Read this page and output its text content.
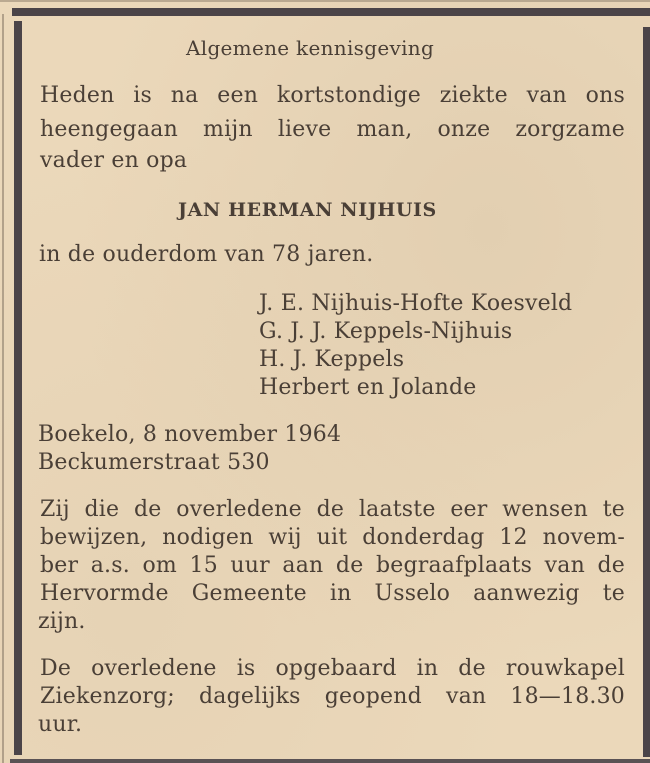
Algemene kennisgeving
Heden is na een kortstondige ziekte van ons
heengegaan mijn lieve man, onze zorgzame
vader en opa
JAN HERMAN NIJHUIS
in de ouderdom van 78 jaren.
J. E. Nijhuis-Hofte Koesveld
G. J. J. Keppels-Nijhuis
H. J. Keppels
Herbert en Jolande
Boekelo, 8 november 1964
Beckumerstraat 530
Zij die de overledene de laatste eer wensen te
bewijzen, nodigen wij uit donderdag 12 novem-
ber a.s. om 15 uur aan de begraafplaats van de
Hervormde Gemeente in Usselo aanwezig te
zijn.
De overledene is opgebaard in de rouwkapel
Ziekenzorg; dagelijks geopend van 18—18.30
uur.
